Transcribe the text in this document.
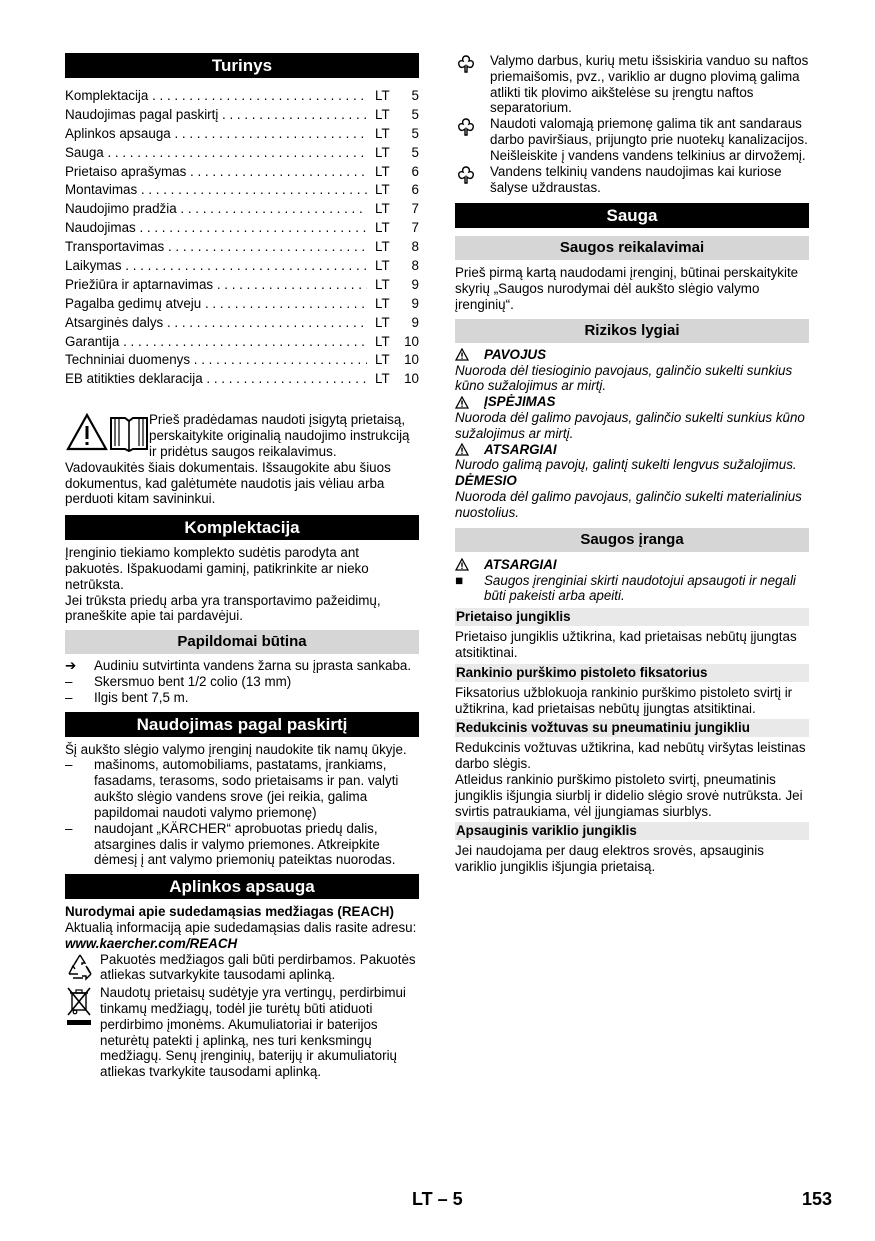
Turinys
Komplektacija . . .	LT	5
Naudojimas pagal paskirtį . . .	LT	5
Aplinkos apsauga . . .	LT	5
Sauga . . .	LT	5
Prietaiso aprašymas . . .	LT	6
Montavimas . . .	LT	6
Naudojimo pradžia . . .	LT	7
Naudojimas . . .	LT	7
Transportavimas . . .	LT	8
Laikymas . . .	LT	8
Priežiūra ir aptarnavimas . . .	LT	9
Pagalba gedimų atveju . . .	LT	9
Atsarginės dalys . . .	LT	9
Garantija . . .	LT	10
Techniniai duomenys . . .	LT	10
EB atitikties deklaracija . . .	LT	10

Prieš pradėdamas naudoti įsigytą prietaisą, perskaitykite originalią naudojimo instrukciją ir pridėtus saugos reikalavimus.

Vadovaukitės šiais dokumentais. Išsaugokite abu šiuos dokumentus, kad galėtumėte naudotis jais vėliau arba perduoti kitam savininkui.

Komplektacija

Įrenginio tiekiamo komplekto sudėtis parodyta ant pakuotės. Išpakuodami gaminį, patikrinkite ar nieko netrūksta.

Jei trūksta priedų arba yra transportavimo pažeidimų, praneškite apie tai pardavėjui.

Papildomai būtina
➔	Audiniu sutvirtinta vandens žarna su įprasta sankaba.
–	Skersmuo bent 1/2 colio (13 mm)
–	Ilgis bent 7,5 m.
Naudojimas pagal paskirtį

Šį aukšto slėgio valymo įrenginį naudokite tik namų ūkyje.

–	mašinoms, automobiliams, pastatams, įrankiams, fasadams, terasoms, sodo prietaisams ir pan. valyti aukšto slėgio vandens srove (jei reikia, galima papildomai naudoti valymo priemonę)
–	naudojant „KÄRCHER“ aprobuotas priedų dalis, atsargines dalis ir valymo priemones. Atkreipkite dėmesį į ant valymo priemonių pateiktas nuorodas.
Aplinkos apsauga

Nurodymai apie sudedamąsias medžiagas (REACH)

Aktualią informaciją apie sudedamąsias dalis rasite adresu:

www.kaercher.com/REACH

Pakuotės medžiagos gali būti perdirbamos. Pakuotės atliekas sutvarkykite tausodami aplinką.

Naudotų prietaisų sudėtyje yra vertingų, perdirbimui tinkamų medžiagų, todėl jie turėtų būti atiduoti perdirbimo įmonėms. Akumuliatoriai ir baterijos neturėtų patekti į aplinką, nes turi kenksmingų medžiagų. Senų įrenginių, baterijų ir akumuliatorių atliekas tvarkykite tausodami aplinką.

Valymo darbus, kurių metu išsiskiria vanduo su naftos priemaišomis, pvz., variklio ar dugno plovimą galima atlikti tik plovimo aikštelėse su įrengtu naftos separatorium.

Naudoti valomąją priemonę galima tik ant sandaraus darbo paviršiaus, prijungto prie nuotekų kanalizacijos. Neišleiskite į vandens vandens telkinius ar dirvožemį.

Vandens telkinių vandens naudojimas kai kuriose šalyse uždraustas.

Sauga
Saugos reikalavimai

Prieš pirmą kartą naudodami įrenginį, būtinai perskaitykite skyrių „Saugos nurodymai dėl aukšto slėgio valymo įrenginių“.

Rizikos lygiai
PAVOJUS

Nuoroda dėl tiesioginio pavojaus, galinčio sukelti sunkius kūno sužalojimus ar mirtį.

ĮSPĖJIMAS

Nuoroda dėl galimo pavojaus, galinčio sukelti sunkius kūno sužalojimus ar mirtį.

ATSARGIAI

Nurodo galimą pavojų, galintį sukelti lengvus sužalojimus.

DĖMESIO

Nuoroda dėl galimo pavojaus, galinčio sukelti materialinius nuostolius.

Saugos įranga
ATSARGIAI
■	Saugos įrenginiai skirti naudotojui apsaugoti ir negali būti pakeisti arba apeiti.
Prietaiso jungiklis

Prietaiso jungiklis užtikrina, kad prietaisas nebūtų įjungtas atsitiktinai.

Rankinio purškimo pistoleto fiksatorius

Fiksatorius užblokuoja rankinio purškimo pistoleto svirtį ir užtikrina, kad prietaisas nebūtų įjungtas atsitiktinai.

Redukcinis vožtuvas su pneumatiniu jungikliu

Redukcinis vožtuvas užtikrina, kad nebūtų viršytas leistinas darbo slėgis.

Atleidus rankinio purškimo pistoleto svirtį, pneumatinis jungiklis išjungia siurblį ir dideliо slėgio srovė nutrūksta. Jei svirtis patraukiama, vėl įjungiamas siurblys.

Apsauginis variklio jungiklis

Jei naudojama per daug elektros srovės, apsauginis variklio jungiklis išjungia prietaisą.

LT – 5	153
